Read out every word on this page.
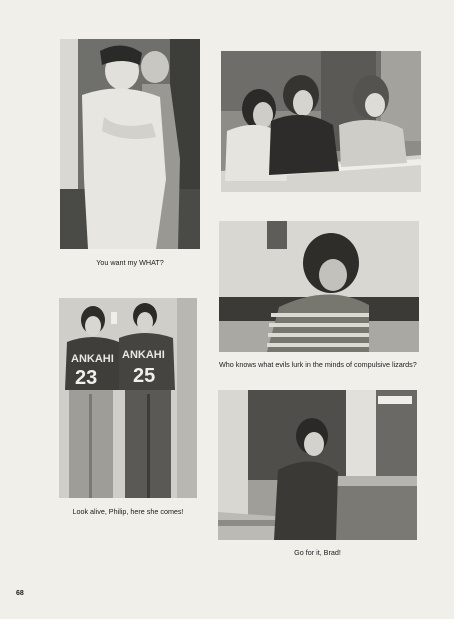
You want my WHAT?

Who knows what evils lurk in the minds of compulsive lizards?

ANKAHI
23
ANKAHI
25

Look alive, Philip, here she comes!

Go for it, Brad!

68
